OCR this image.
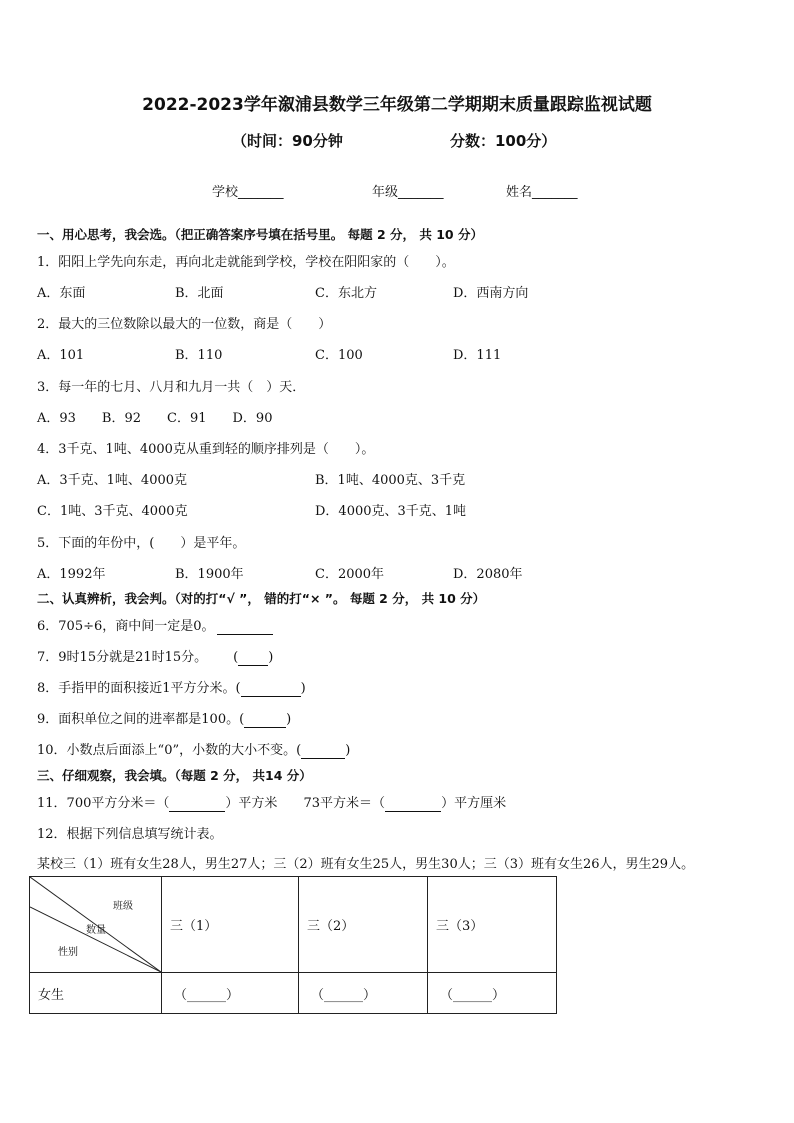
2022-2023学年溆浦县数学三年级第二学期期末质量跟踪监视试题
（时间：90分钟	分数：100分）
学校_______	年级_______	姓名_______
一、用心思考，我会选。（把正确答案序号填在括号里。 每题 2 分， 共 10 分）
1．阳阳上学先向东走，再向北走就能到学校，学校在阳阳家的（　　）。
A．东面	B．北面	C．东北方	D．西南方向
2．最大的三位数除以最大的一位数，商是（　　）
A．101	B．110	C．100	D．111
3．每一年的七月、八月和九月一共（　）天．
A．93　　B．92　　C．91　　D．90
4．3千克、1吨、4000克从重到轻的顺序排列是（　　）。
A．3千克、1吨、4000克	B．1吨、4000克、3千克
C．1吨、3千克、4000克	D．4000克、3千克、1吨
5．下面的年份中，(　　）是平年。
A．1992年	B．1900年	C．2000年	D．2080年
二、认真辨析，我会判。（对的打“√ ”， 错的打“× ”。 每题 2 分， 共 10 分）
6．705÷6，商中间一定是0。
7．9时15分就是21时15分。 ( )
8．手指甲的面积接近1平方分米。(	)
9．面积单位之间的进率都是100。(	)
10．小数点后面添上“0”，小数的大小不变。(	)
三、仔细观察，我会填。（每题 2 分， 共14 分）
11．700平方分米＝（	）平方米 73平方米＝（	）平方厘米
12．根据下列信息填写统计表。
某校三（1）班有女生28人，男生27人；三（2）班有女生25人，男生30人；三（3）班有女生26人，男生29人。
班级
数量
性别	三（1）	三（2）	三（3）
女生	（______）	（______）	（______）
